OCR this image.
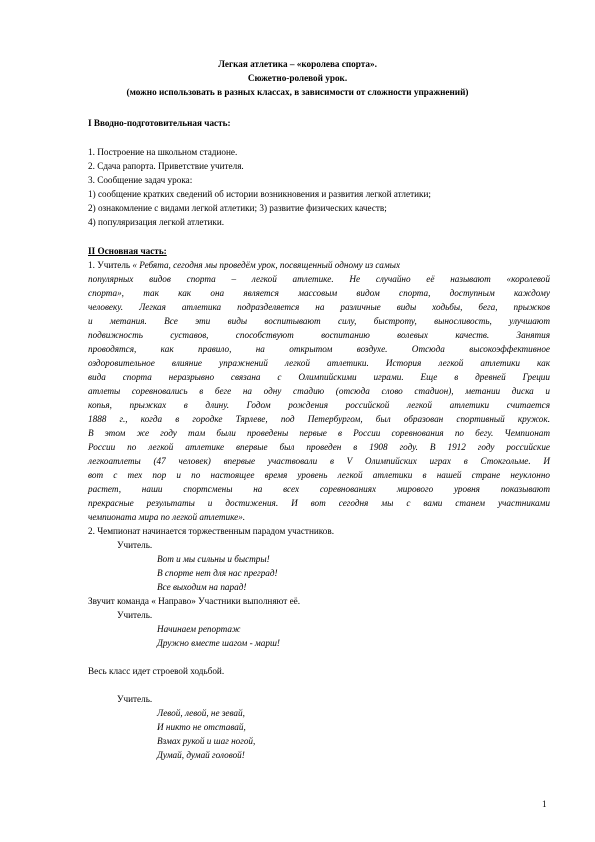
Легкая атлетика – «королева спорта».
Сюжетно-ролевой урок.
(можно использовать в разных классах, в зависимости от сложности упражнений)
I Вводно-подготовительная часть:
1. Построение на школьном стадионе.
2. Сдача рапорта. Приветствие учителя.
3. Сообщение задач урока:
1) сообщение кратких сведений об истории возникновения и развития легкой атлетики;
2) ознакомление с видами легкой атлетики; 3) развитие физических качеств;
4) популяризация легкой атлетики.
II Основная часть:
1. Учитель « Ребята, сегодня мы проведём урок, посвященный одному из самых
популярных видов спорта – легкой атлетике. Не случайно её называют «королевой
спорта», так как она является массовым видом спорта, доступным каждому
человеку. Легкая атлетика подразделяется на различные виды ходьбы, бега, прыжков
и метания. Все эти виды воспитывают силу, быстроту, выносливость, улучшают
подвижность суставов, способствуют воспитанию волевых качеств. Занятия
проводятся, как правило, на открытом воздухе. Отсюда высокоэффективное
оздоровительное влияние упражнений легкой атлетики. История легкой атлетики как
вида спорта неразрывно связана с Олимпийскими играми. Еще в древней Греции
атлеты соревновались в беге на одну стадию (отсюда слово стадион), метании диска и
копья, прыжках в длину. Годом рождения российской легкой атлетики считается
1888 г., когда в городке Тярлеве, под Петербургом, был образован спортивный кружок.
В этом же году там были проведены первые в России соревнования по бегу. Чемпионат
России по легкой атлетике впервые был проведен в 1908 году. В 1912 году российские
легкоатлеты (47 человек) впервые участвовали в V Олимпийских играх в Стокгольме. И
вот с тех пор и по настоящее время уровень легкой атлетики в нашей стране неуклонно
растет, наши спортсмены на всех соревнованиях мирового уровня показывают
прекрасные результаты и достижения. И вот сегодня мы с вами станем участниками
чемпионата мира по легкой атлетике».
2. Чемпионат начинается торжественным парадом участников.
Учитель.
Вот и мы сильны и быстры!
В спорте нет для нас преград!
Все выходим на парад!
Звучит команда « Направо» Участники выполняют её.
Учитель.
Начинаем репортаж
Дружно вместе шагом - марш!
Весь класс идет строевой ходьбой.
Учитель.
Левой, левой, не зевай,
И никто не отставай,
Взмах рукой и шаг ногой,
Думай, думай головой!
1
